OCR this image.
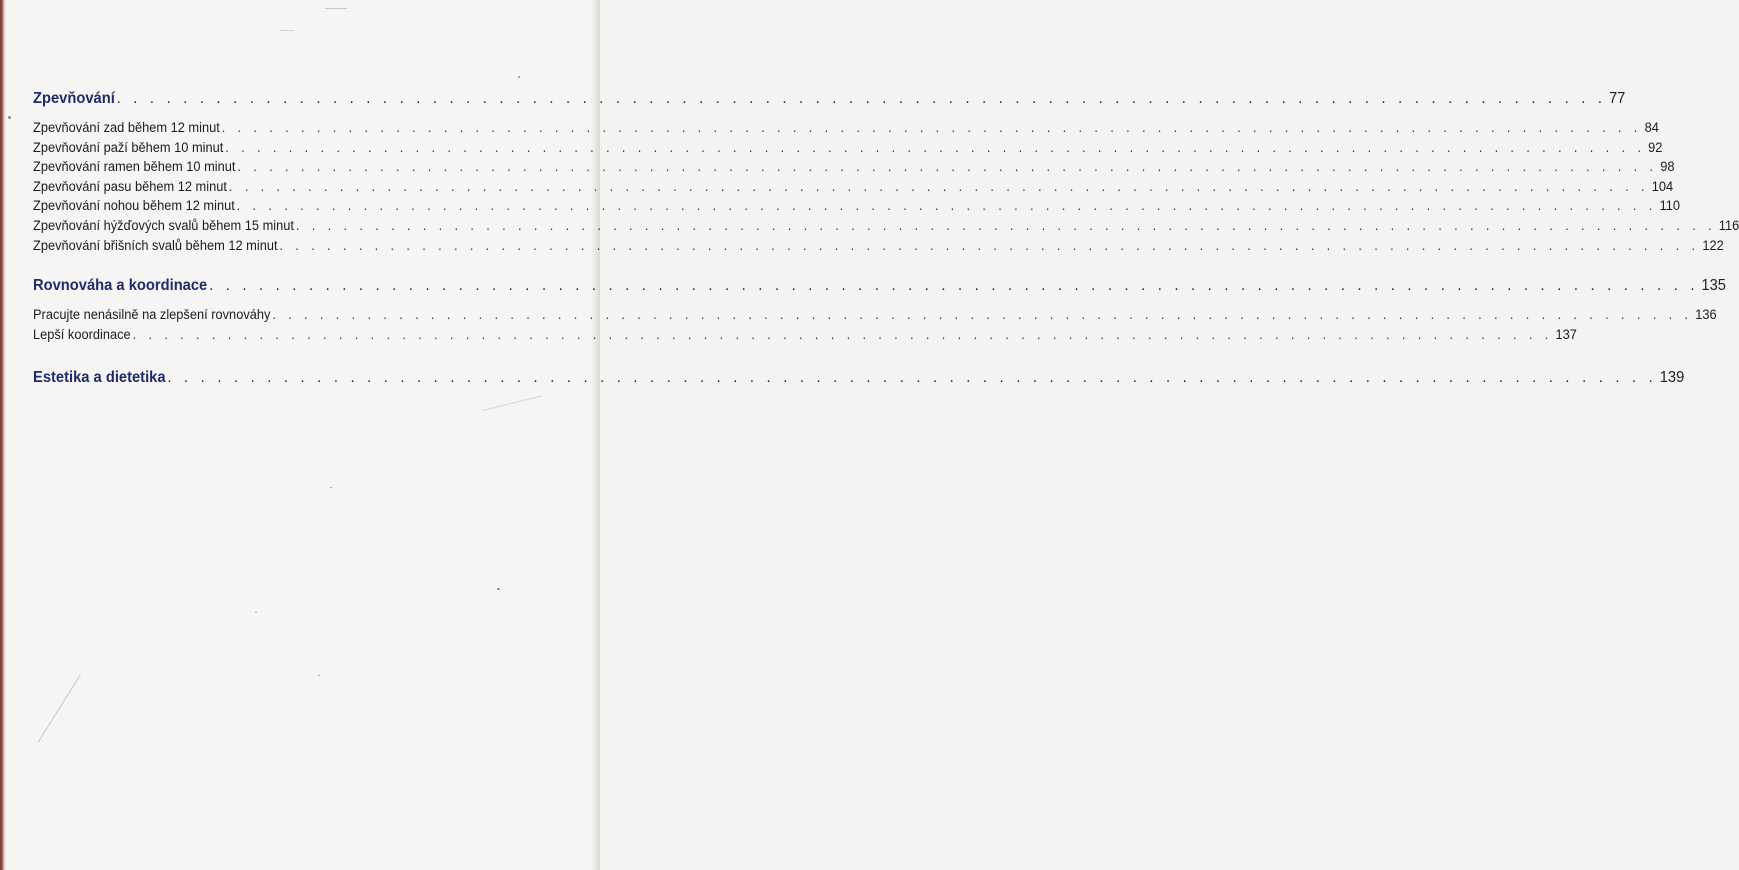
Zpevňování . . . . . . . . . . . . . . . . . . . . . . . . . . . . . . . . . . . . . . . . . . . . . . . . . . . . . . . . . . . . . . . . . . . . . . . . . . . . . . . . . . . . . . . . . . 77
Zpevňování zad během 12 minut . . . . . . . . . . . . . . . . . . . . . . . . . . . . . . . . . . . . . . . . . . . . . . . . . . . . . . . . . . . . . . . . . . . . . . . . . . . . . . . . . . . . . . . . . . 84
Zpevňování paží během 10 minut . . . . . . . . . . . . . . . . . . . . . . . . . . . . . . . . . . . . . . . . . . . . . . . . . . . . . . . . . . . . . . . . . . . . . . . . . . . . . . . . . . . . . . . . . . 92
Zpevňování ramen během 10 minut . . . . . . . . . . . . . . . . . . . . . . . . . . . . . . . . . . . . . . . . . . . . . . . . . . . . . . . . . . . . . . . . . . . . . . . . . . . . . . . . . . . . . . . . . . 98
Zpevňování pasu během 12 minut . . . . . . . . . . . . . . . . . . . . . . . . . . . . . . . . . . . . . . . . . . . . . . . . . . . . . . . . . . . . . . . . . . . . . . . . . . . . . . . . . . . . . . . . . . 104
Zpevňování nohou během 12 minut . . . . . . . . . . . . . . . . . . . . . . . . . . . . . . . . . . . . . . . . . . . . . . . . . . . . . . . . . . . . . . . . . . . . . . . . . . . . . . . . . . . . . . . . . . 110
Zpevňování hýžďových svalů během 15 minut . . . . . . . . . . . . . . . . . . . . . . . . . . . . . . . . . . . . . . . . . . . . . . . . . . . . . . . . . . . . . . . . . . . . . . . . . . . . . . . . . . . . . . . . . . 116
Zpevňování břišních svalů během 12 minut . . . . . . . . . . . . . . . . . . . . . . . . . . . . . . . . . . . . . . . . . . . . . . . . . . . . . . . . . . . . . . . . . . . . . . . . . . . . . . . . . . . . . . . . . . 122
Rovnováha a koordinace . . . . . . . . . . . . . . . . . . . . . . . . . . . . . . . . . . . . . . . . . . . . . . . . . . . . . . . . . . . . . . . . . . . . . . . . . . . . . . . . . . . . . . . . . . 135
Pracujte nenásilně na zlepšení rovnováhy . . . . . . . . . . . . . . . . . . . . . . . . . . . . . . . . . . . . . . . . . . . . . . . . . . . . . . . . . . . . . . . . . . . . . . . . . . . . . . . . . . . . . . . . . . 136
Lepší koordinace . . . . . . . . . . . . . . . . . . . . . . . . . . . . . . . . . . . . . . . . . . . . . . . . . . . . . . . . . . . . . . . . . . . . . . . . . . . . . . . . . . . . . . . . . . 137
Estetika a dietetika . . . . . . . . . . . . . . . . . . . . . . . . . . . . . . . . . . . . . . . . . . . . . . . . . . . . . . . . . . . . . . . . . . . . . . . . . . . . . . . . . . . . . . . . . . 139
